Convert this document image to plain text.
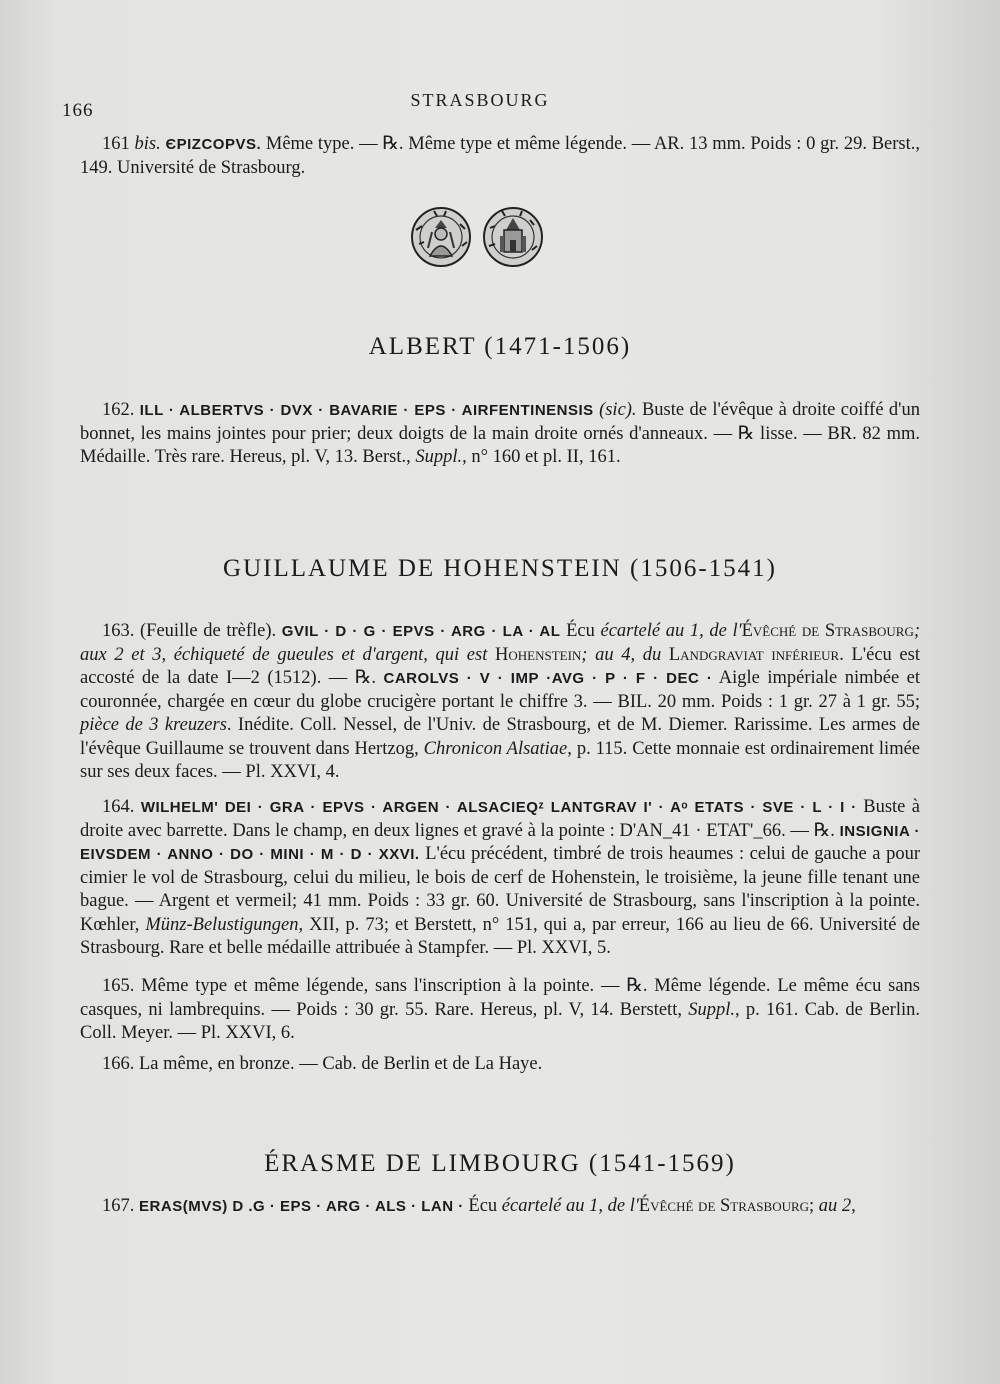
166	STRASBOURG

161 bis. ЄPIZCOPVS. Même type. — ℞. Même type et même légende. — AR. 13 mm. Poids : 0 gr. 29. Berst., 149. Université de Strasbourg.

ALBERT (1471-1506)

162. ILL · ALBERTVS · DVX · BAVARIE · EPS · AIRFENTINENSIS (sic). Buste de l'évêque à droite coiffé d'un bonnet, les mains jointes pour prier; deux doigts de la main droite ornés d'anneaux. — ℞ lisse. — BR. 82 mm. Médaille. Très rare. Hereus, pl. V, 13. Berst., Suppl., n° 160 et pl. II, 161.

GUILLAUME DE HOHENSTEIN (1506-1541)

163. (Feuille de trèfle). GVIL · D · G · EPVS · ARG · LA · AL Écu écartelé au 1, de l'Évêché de Strasbourg; aux 2 et 3, échiqueté de gueules et d'argent, qui est Hohenstein; au 4, du Landgraviat inférieur. L'écu est accosté de la date I—2 (1512). — ℞. CAROLVS · V · IMP ·AVG · P · F · DEC · Aigle impériale nimbée et couronnée, chargée en cœur du globe crucigère portant le chiffre 3. — BIL. 20 mm. Poids : 1 gr. 27 à 1 gr. 55; pièce de 3 kreuzers. Inédite. Coll. Nessel, de l'Univ. de Strasbourg, et de M. Diemer. Rarissime. Les armes de l'évêque Guillaume se trouvent dans Hertzog, Chronicon Alsatiae, p. 115. Cette monnaie est ordinairement limée sur ses deux faces. — Pl. XXVI, 4.

164. WILHELM' DEI · GRA · EPVS · ARGEN · ALSACIEQᶻ LANTGRAV I' · Aᵒ ETATS · SVE · L · I · Buste à droite avec barrette. Dans le champ, en deux lignes et gravé à la pointe : D'AN_41 · ETAT'_66. — ℞. INSIGNIA · EIVSDEM · ANNO · DO · MINI · M · D · XXVI. L'écu précédent, timbré de trois heaumes : celui de gauche a pour cimier le vol de Strasbourg, celui du milieu, le bois de cerf de Hohenstein, le troisième, la jeune fille tenant une bague. — Argent et vermeil; 41 mm. Poids : 33 gr. 60. Université de Strasbourg, sans l'inscription à la pointe. Kœhler, Münz-Belustigungen, XII, p. 73; et Berstett, n° 151, qui a, par erreur, 166 au lieu de 66. Université de Strasbourg. Rare et belle médaille attribuée à Stampfer. — Pl. XXVI, 5.

165. Même type et même légende, sans l'inscription à la pointe. — ℞. Même légende. Le même écu sans casques, ni lambrequins. — Poids : 30 gr. 55. Rare. Hereus, pl. V, 14. Berstett, Suppl., p. 161. Cab. de Berlin. Coll. Meyer. — Pl. XXVI, 6.

166. La même, en bronze. — Cab. de Berlin et de La Haye.

ÉRASME DE LIMBOURG (1541-1569)

167. ERAS(MVS) D .G · EPS · ARG · ALS · LAN · Écu écartelé au 1, de l'Évêché de Strasbourg; au 2,
